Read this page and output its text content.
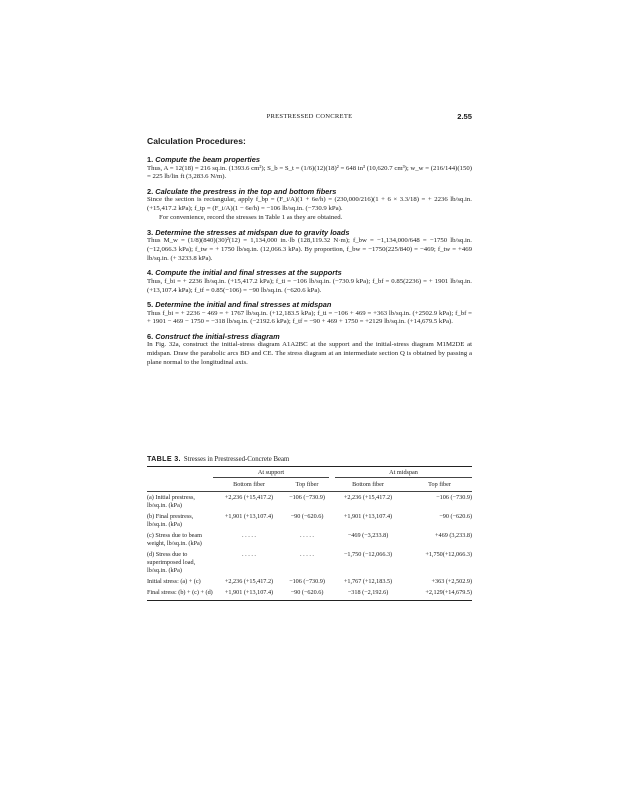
PRESTRESSED CONCRETE	2.55
Calculation Procedures:
1. Compute the beam properties

Thus, A = 12(18) = 216 sq.in. (1393.6 cm²); S_b = S_t = (1/6)(12)(18)² = 648 in³ (10,620.7 cm³); w_w = (216/144)(150) = 225 lb/lin ft (3,283.6 N/m).

2. Calculate the prestress in the top and bottom fibers

Since the section is rectangular, apply f_bp = (F_i/A)(1 + 6e/h) = (230,000/216)(1 + 6 × 3.3/18) = + 2236 lb/sq.in. (+15,417.2 kPa); f_tp = (F_i/A)(1 − 6e/h) = −106 lb/sq.in. (−730.9 kPa).

For convenience, record the stresses in Table 1 as they are obtained.

3. Determine the stresses at midspan due to gravity loads

Thus M_w = (1/8)(840)(30)²(12) = 1,134,000 in.·lb (128,119.32 N·m); f_bw = −1,134,000/648 = −1750 lb/sq.in. (−12,066.3 kPa); f_tw = + 1750 lb/sq.in. (12,066.3 kPa). By proportion, f_bw = −1750(225/840) = −469; f_tw = +469 lb/sq.in. (+ 3233.8 kPa).

4. Compute the initial and final stresses at the supports

Thus, f_bi = + 2236 lb/sq.in. (+15,417.2 kPa); f_ti = −106 lb/sq.in. (−730.9 kPa); f_bf = 0.85(2236) = + 1901 lb/sq.in. (+13,107.4 kPa); f_tf = 0.85(−106) = −90 lb/sq.in. (−620.6 kPa).

5. Determine the initial and final stresses at midspan

Thus f_bi = + 2236 − 469 = + 1767 lb/sq.in. (+12,183.5 kPa); f_ti = −106 + 469 = +363 lb/sq.in. (+2502.9 kPa); f_bf = + 1901 − 469 − 1750 = −318 lb/sq.in. (−2192.6 kPa); f_tf = −90 + 469 + 1750 = +2129 lb/sq.in. (+14,679.5 kPa).

6. Construct the initial-stress diagram

In Fig. 32a, construct the initial-stress diagram A1A2BC at the support and the initial-stress diagram M1M2DE at midspan. Draw the parabolic arcs BD and CE. The stress diagram at an intermediate section Q is obtained by passing a plane normal to the longitudinal axis.

TABLE 3. Stresses in Prestressed-Concrete Beam

	At support		At midspan	

	Bottom fiber	Top fiber	Bottom fiber	Top fiber
(a) Initial prestress, lb/sq.in. (kPa)	+2,236 (+15,417.2)	−106 (−730.9)	+2,236 (+15,417.2)	−106 (−730.9)
(b) Final prestress, lb/sq.in. (kPa)	+1,901 (+13,107.4)	−90 (−620.6)	+1,901 (+13,107.4)	−90 (−620.6)
(c) Stress due to beam weight, lb/sq.in. (kPa)	. . . . .	. . . . .	−469 (−3,233.8)	+469 (3,233.8)
(d) Stress due to superimposed load, lb/sq.in. (kPa)	. . . . .	. . . . .	−1,750 (−12,066.3)	+1,750(+12,066.3)
Initial stress: (a) + (c)	+2,236 (+15,417.2)	−106 (−730.9)	+1,767 (+12,183.5)	+363 (+2,502.9)
Final stress: (b) + (c) + (d)	+1,901 (+13,107.4)	−90 (−620.6)	−318 (−2,192.6)	+2,129(+14,679.5)
